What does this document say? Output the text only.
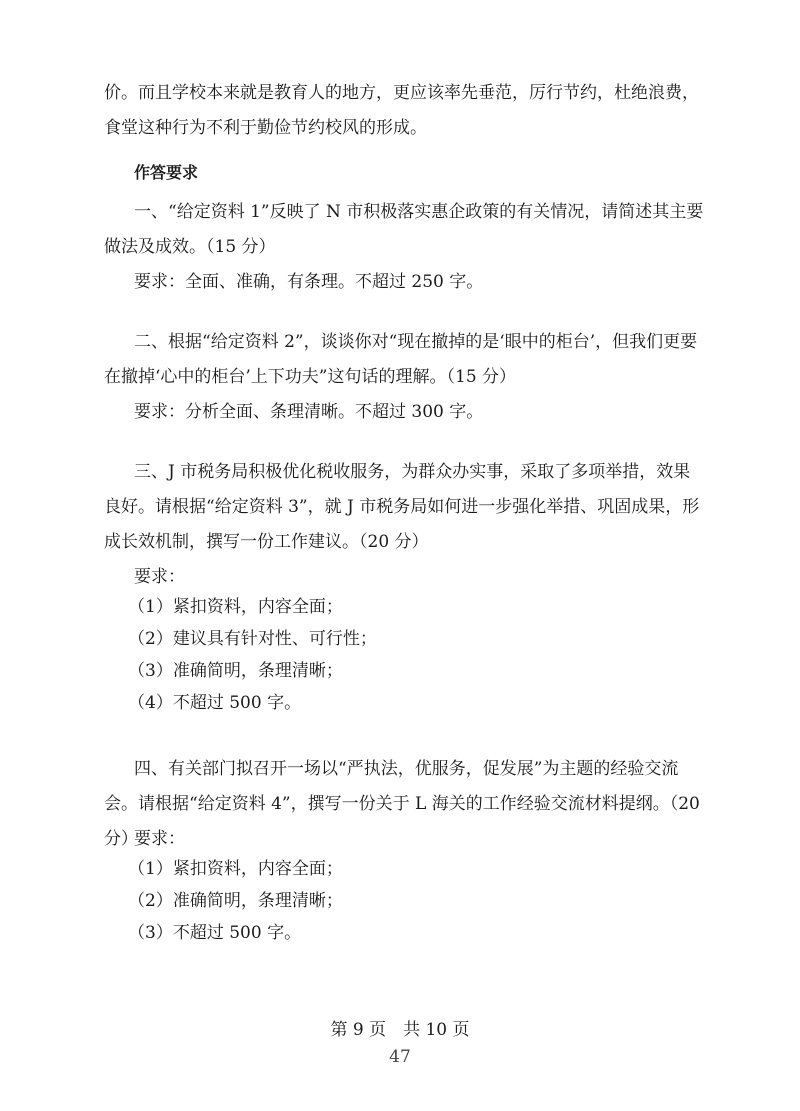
价。而且学校本来就是教育人的地方，更应该率先垂范，厉行节约，杜绝浪费，食堂这种行为不利于勤俭节约校风的形成。

作答要求

一、“给定资料 1”反映了 N 市积极落实惠企政策的有关情况，请简述其主要做法及成效。（15 分）

要求：全面、准确，有条理。不超过 250 字。

二、根据“给定资料 2”，谈谈你对“现在撤掉的是‘眼中的柜台’，但我们更要在撤掉‘心中的柜台’上下功夫”这句话的理解。（15 分）

要求：分析全面、条理清晰。不超过 300 字。

三、J 市税务局积极优化税收服务，为群众办实事，采取了多项举措，效果良好。请根据“给定资料 3”，就 J 市税务局如何进一步强化举措、巩固成果，形成长效机制，撰写一份工作建议。（20 分）

要求：

（1）紧扣资料，内容全面；

（2）建议具有针对性、可行性；

（3）准确简明，条理清晰；

（4）不超过 500 字。

四、有关部门拟召开一场以“严执法，优服务，促发展”为主题的经验交流会。请根据“给定资料 4”，撰写一份关于 L 海关的工作经验交流材料提纲。（20 分）

要求：

（1）紧扣资料，内容全面；

（2）准确简明，条理清晰；

（3）不超过 500 字。

第 9 页　共 10 页
47
